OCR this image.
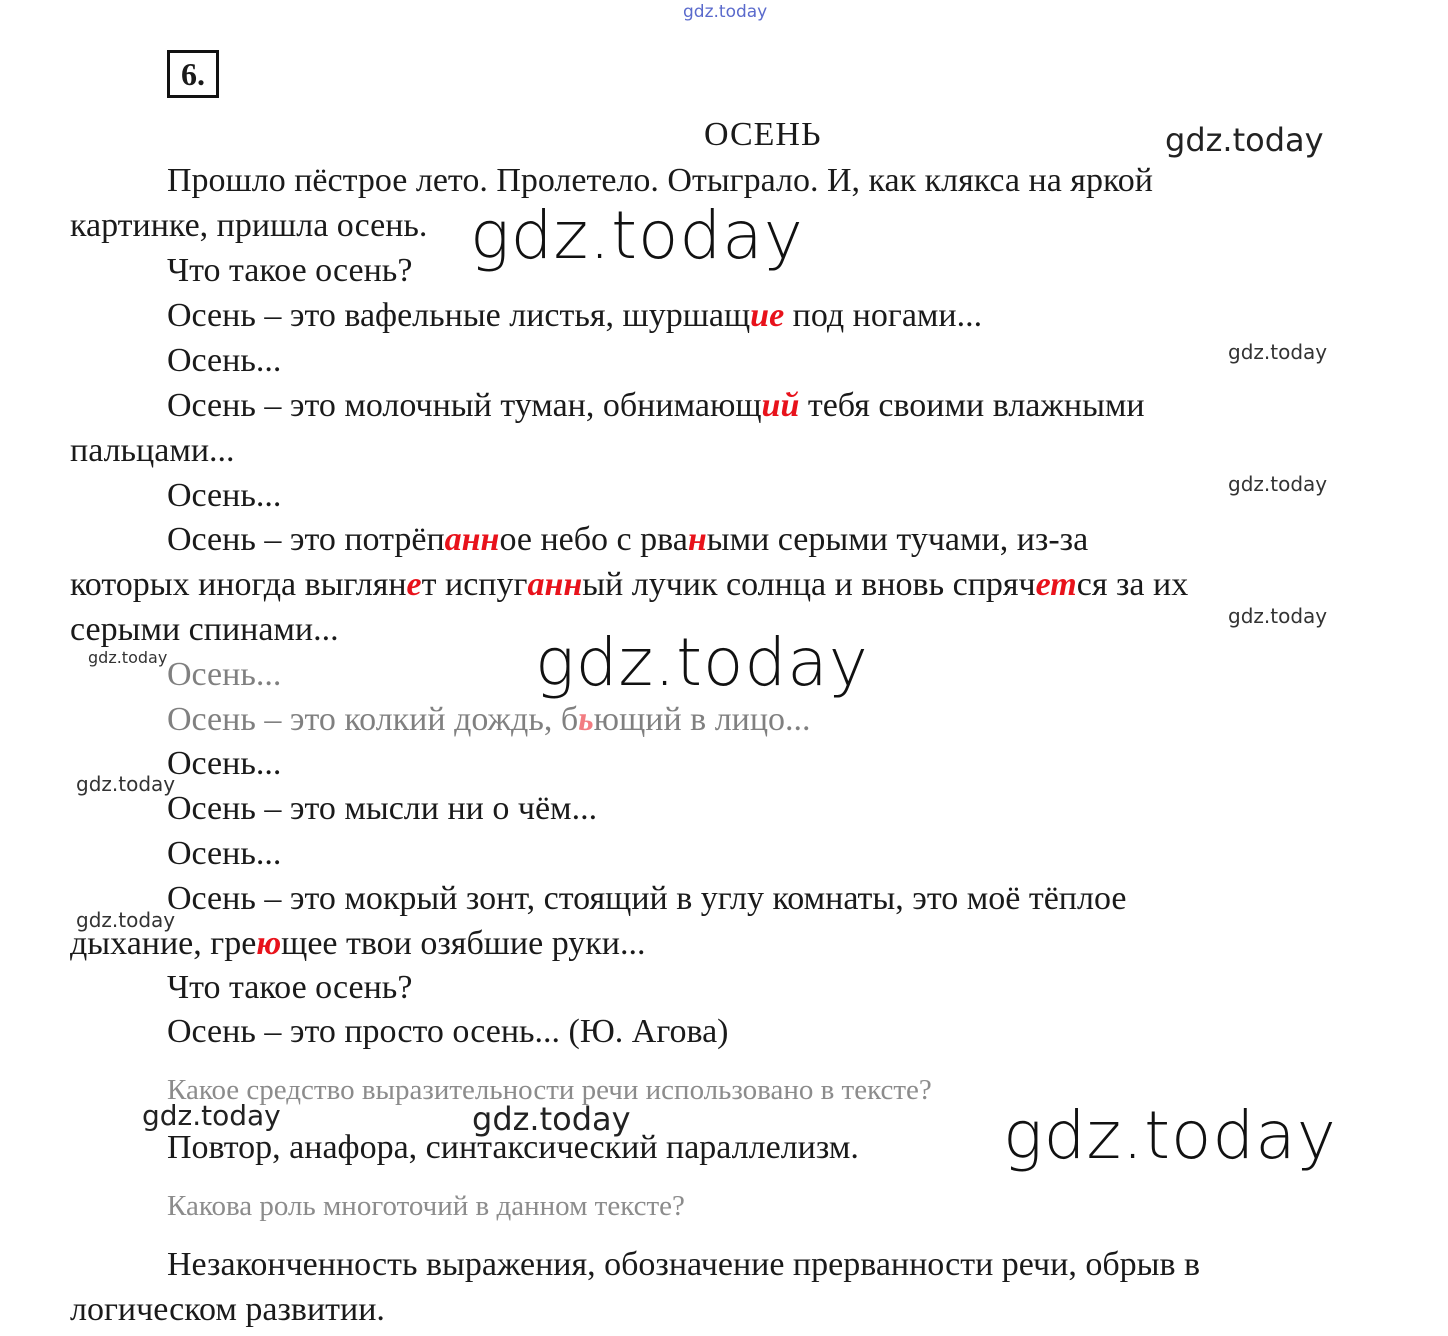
gdz.today
6.
ОСЕНЬ
Прошло пёстрое лето. Пролетело. Отыграло. И, как клякса на яркой
картинке, пришла осень.
Что такое осень?
Осень – это вафельные листья, шуршащие под ногами...
Осень...
Осень – это молочный туман, обнимающий тебя своими влажными
пальцами...
Осень...
Осень – это потрёпанное небо с рваными серыми тучами, из-за
которых иногда выглянет испуганный лучик солнца и вновь спрячется за их
серыми спинами...
Осень...
Осень – это колкий дождь, бьющий в лицо...
Осень...
Осень – это мысли ни о чём...
Осень...
Осень – это мокрый зонт, стоящий в углу комнаты, это моё тёплое
дыхание, греющее твои озябшие руки...
Что такое осень?
Осень – это просто осень... (Ю. Агова)
Какое средство выразительности речи использовано в тексте?
Повтор, анафора, синтаксический параллелизм.
Какова роль многоточий в данном тексте?
Незаконченность выражения, обозначение прерванности речи, обрыв в
логическом развитии.
gdz.today
gdz.today
gdz.today
gdz.today
gdz.today
gdz.today	gdz.today
gdz.today
gdz.today
gdz.today	gdz.today	gdz.today
